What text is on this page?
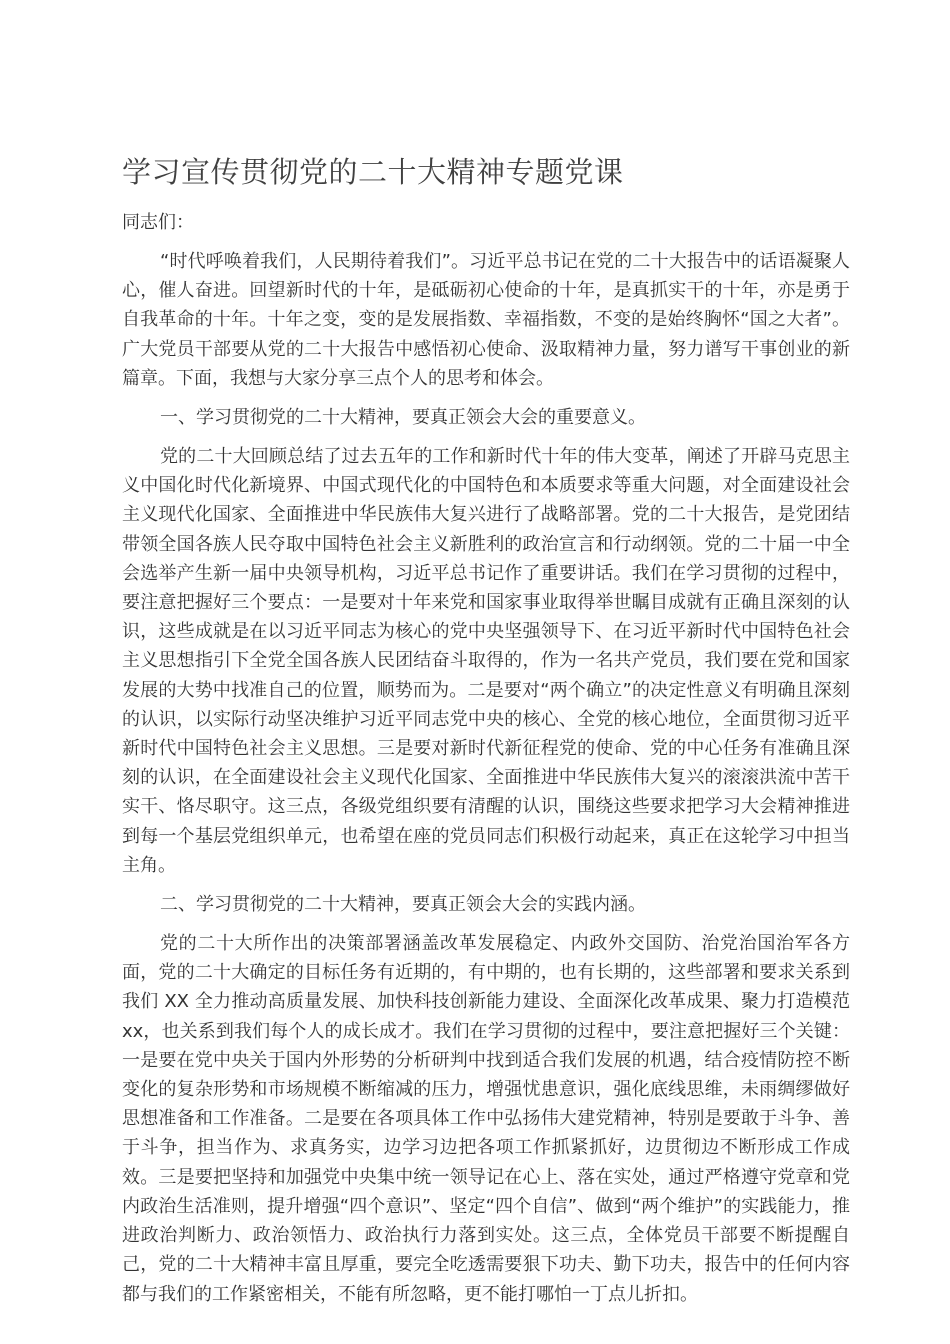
学习宣传贯彻党的二十大精神专题党课

同志们：

“时代呼唤着我们，人民期待着我们”。习近平总书记在党的二十大报告中的话语凝聚人心，催人奋进。回望新时代的十年，是砥砺初心使命的十年，是真抓实干的十年，亦是勇于自我革命的十年。十年之变，变的是发展指数、幸福指数，不变的是始终胸怀“国之大者”。广大党员干部要从党的二十大报告中感悟初心使命、汲取精神力量，努力谱写干事创业的新篇章。下面，我想与大家分享三点个人的思考和体会。

一、学习贯彻党的二十大精神，要真正领会大会的重要意义。

党的二十大回顾总结了过去五年的工作和新时代十年的伟大变革，阐述了开辟马克思主义中国化时代化新境界、中国式现代化的中国特色和本质要求等重大问题，对全面建设社会主义现代化国家、全面推进中华民族伟大复兴进行了战略部署。党的二十大报告，是党团结带领全国各族人民夺取中国特色社会主义新胜利的政治宣言和行动纲领。党的二十届一中全会选举产生新一届中央领导机构，习近平总书记作了重要讲话。我们在学习贯彻的过程中，要注意把握好三个要点：一是要对十年来党和国家事业取得举世瞩目成就有正确且深刻的认识，这些成就是在以习近平同志为核心的党中央坚强领导下、在习近平新时代中国特色社会主义思想指引下全党全国各族人民团结奋斗取得的，作为一名共产党员，我们要在党和国家发展的大势中找准自己的位置，顺势而为。二是要对“两个确立”的决定性意义有明确且深刻的认识，以实际行动坚决维护习近平同志党中央的核心、全党的核心地位，全面贯彻习近平新时代中国特色社会主义思想。三是要对新时代新征程党的使命、党的中心任务有准确且深刻的认识，在全面建设社会主义现代化国家、全面推进中华民族伟大复兴的滚滚洪流中苦干实干、恪尽职守。这三点，各级党组织要有清醒的认识，围绕这些要求把学习大会精神推进到每一个基层党组织单元，也希望在座的党员同志们积极行动起来，真正在这轮学习中担当主角。

二、学习贯彻党的二十大精神，要真正领会大会的实践内涵。

党的二十大所作出的决策部署涵盖改革发展稳定、内政外交国防、治党治国治军各方面，党的二十大确定的目标任务有近期的，有中期的，也有长期的，这些部署和要求关系到我们 XX 全力推动高质量发展、加快科技创新能力建设、全面深化改革成果、聚力打造模范 xx，也关系到我们每个人的成长成才。我们在学习贯彻的过程中，要注意把握好三个关键：一是要在党中央关于国内外形势的分析研判中找到适合我们发展的机遇，结合疫情防控不断变化的复杂形势和市场规模不断缩减的压力，增强忧患意识，强化底线思维，未雨绸缪做好思想准备和工作准备。二是要在各项具体工作中弘扬伟大建党精神，特别是要敢于斗争、善于斗争，担当作为、求真务实，边学习边把各项工作抓紧抓好，边贯彻边不断形成工作成效。三是要把坚持和加强党中央集中统一领导记在心上、落在实处，通过严格遵守党章和党内政治生活准则，提升增强“四个意识”、坚定“四个自信”、做到“两个维护”的实践能力，推进政治判断力、政治领悟力、政治执行力落到实处。这三点，全体党员干部要不断提醒自己，党的二十大精神丰富且厚重，要完全吃透需要狠下功夫、勤下功夫，报告中的任何内容都与我们的工作紧密相关，不能有所忽略，更不能打哪怕一丁点儿折扣。
